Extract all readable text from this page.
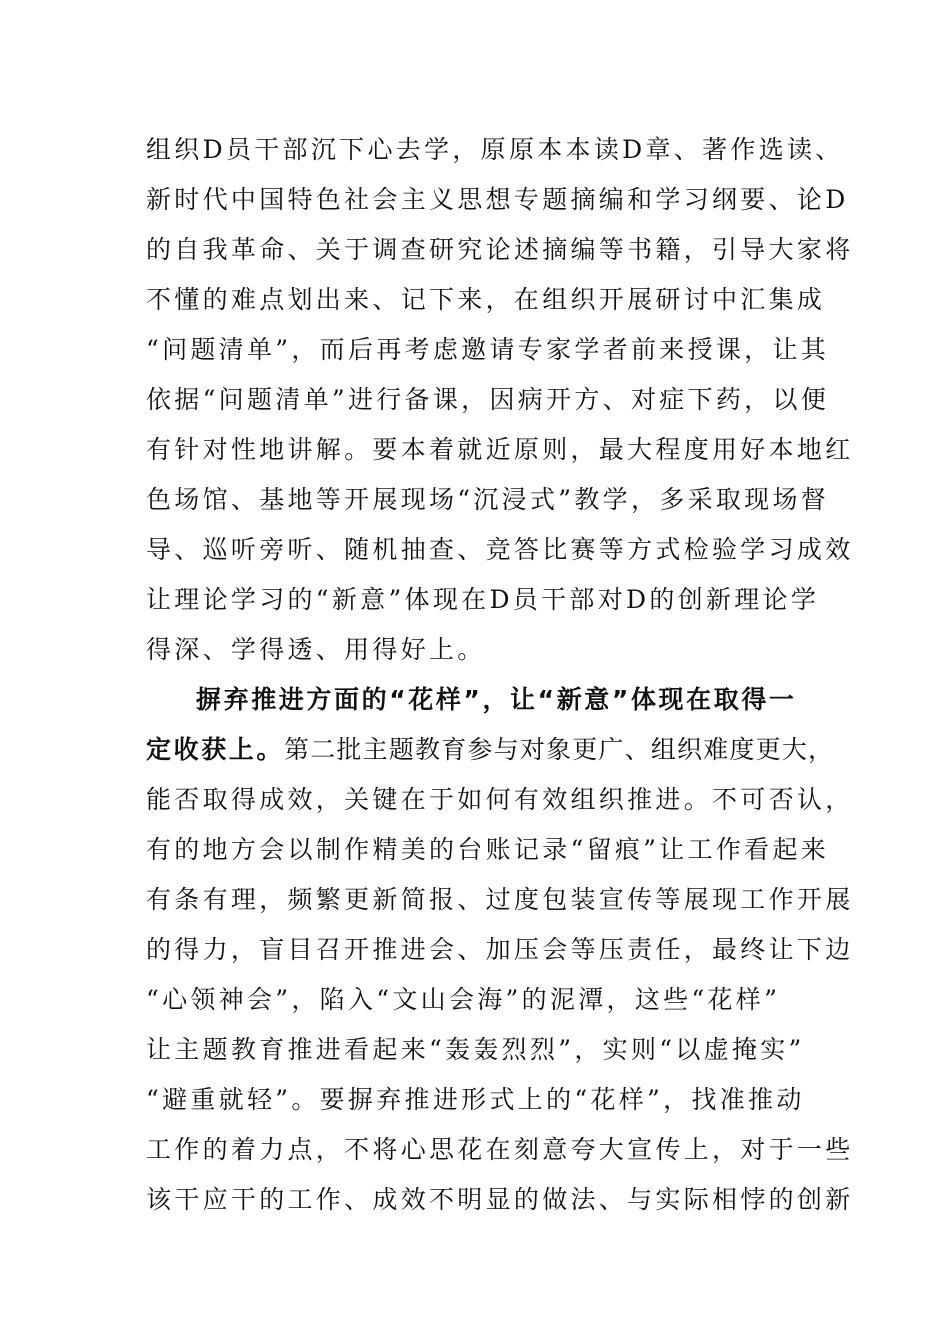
组织D员干部沉下心去学，原原本本读D章、著作选读、
新时代中国特色社会主义思想专题摘编和学习纲要、论D
的自我革命、关于调查研究论述摘编等书籍，引导大家将
不懂的难点划出来、记下来，在组织开展研讨中汇集成
“问题清单”，而后再考虑邀请专家学者前来授课，让其
依据“问题清单”进行备课，因病开方、对症下药，以便
有针对性地讲解。要本着就近原则，最大程度用好本地红
色场馆、基地等开展现场“沉浸式”教学，多采取现场督
导、巡听旁听、随机抽查、竞答比赛等方式检验学习成效
让理论学习的“新意”体现在D员干部对D的创新理论学
得深、学得透、用得好上。
摒弃推进方面的“花样”，让“新意”体现在取得一
定收获上。第二批主题教育参与对象更广、组织难度更大，
能否取得成效，关键在于如何有效组织推进。不可否认，
有的地方会以制作精美的台账记录“留痕”让工作看起来
有条有理，频繁更新简报、过度包装宣传等展现工作开展
的得力，盲目召开推进会、加压会等压责任，最终让下边
“心领神会”，陷入“文山会海”的泥潭，这些“花样”
让主题教育推进看起来“轰轰烈烈”，实则“以虚掩实”
“避重就轻”。要摒弃推进形式上的“花样”，找准推动
工作的着力点，不将心思花在刻意夸大宣传上，对于一些
该干应干的工作、成效不明显的做法、与实际相悖的创新
